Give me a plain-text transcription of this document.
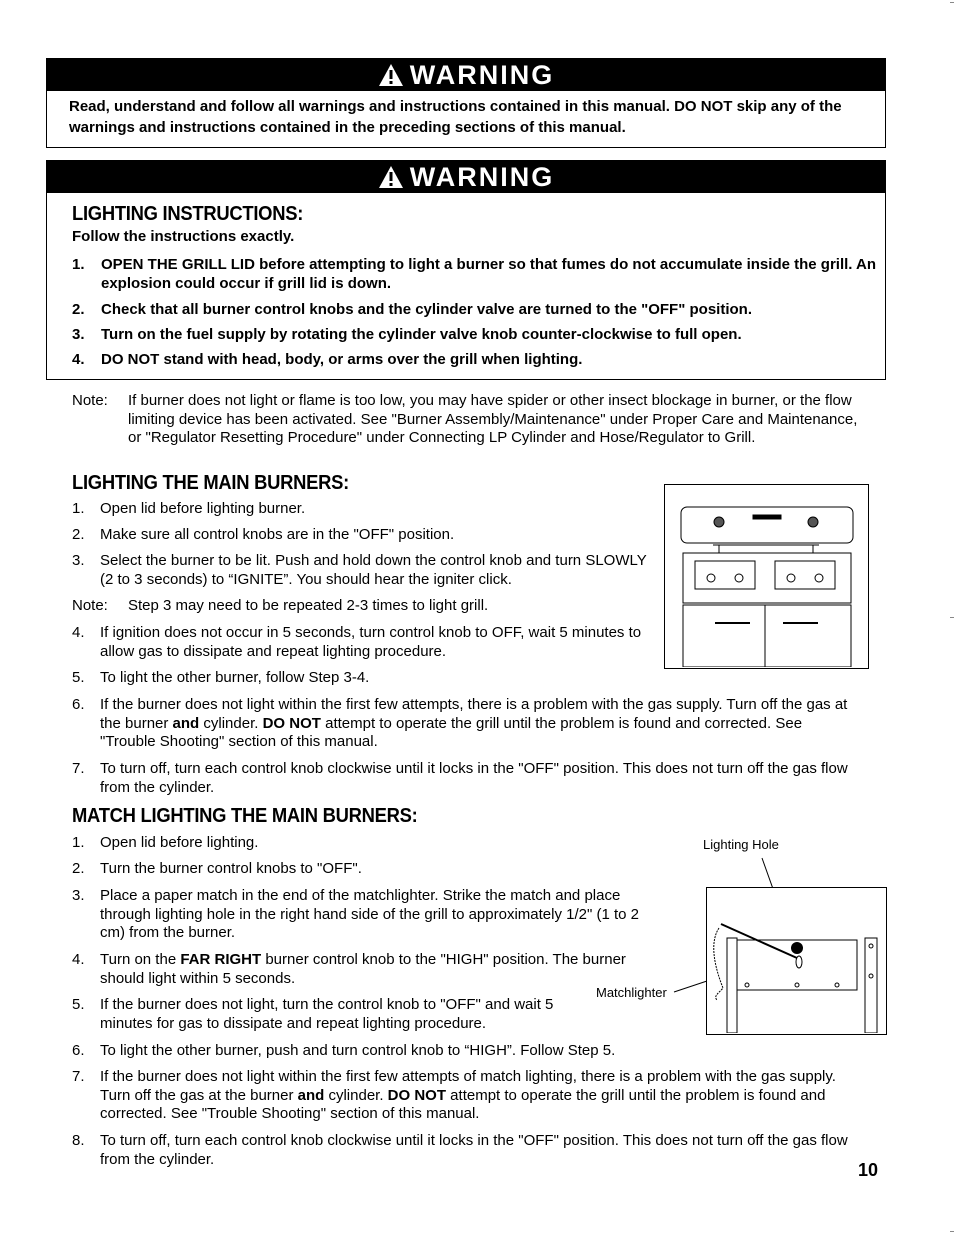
WARNING
Read, understand and follow all warnings and instructions contained in this manual. DO NOT skip any of the warnings and instructions contained in the preceding sections of this manual.
WARNING
LIGHTING INSTRUCTIONS:
Follow the instructions exactly.
1. OPEN THE GRILL LID before attempting to light a burner so that fumes do not accumulate inside the grill. An explosion could occur if grill lid is down.
2. Check that all burner control knobs and the cylinder valve are turned to the "OFF" position.
3. Turn on the fuel supply by rotating the cylinder valve knob counter-clockwise to full open.
4. DO NOT stand with head, body, or arms over the grill when lighting.
Note: If burner does not light or flame is too low, you may have spider or other insect blockage in burner, or the flow limiting device has been activated. See "Burner Assembly/Maintenance" under Proper Care and Maintenance, or "Regulator Resetting Procedure" under Connecting LP Cylinder and Hose/Regulator to Grill.
LIGHTING THE MAIN BURNERS:
1. Open lid before lighting burner.
2. Make sure all control knobs are in the "OFF" position.
3. Select the burner to be lit. Push and hold down the control knob and turn SLOWLY (2 to 3 seconds) to “IGNITE”. You should hear the igniter click.
Note: Step 3 may need to be repeated 2-3 times to light grill.
4. If ignition does not occur in 5 seconds, turn control knob to OFF, wait 5 minutes to allow gas to dissipate and repeat lighting procedure.
5. To light the other burner, follow Step 3-4.
6. If the burner does not light within the first few attempts, there is a problem with the gas supply. Turn off the gas at the burner and cylinder. DO NOT attempt to operate the grill until the problem is found and corrected. See "Trouble Shooting" section of this manual.
7. To turn off, turn each control knob clockwise until it locks in the "OFF" position. This does not turn off the gas flow from the cylinder.
MATCH LIGHTING THE MAIN BURNERS:
1. Open lid before lighting.
2. Turn the burner control knobs to "OFF".
3. Place a paper match in the end of the matchlighter. Strike the match and place through lighting hole in the right hand side of the grill to approximately 1/2" (1 to 2 cm) from the burner.
4. Turn on the FAR RIGHT burner control knob to the "HIGH" position. The burner should light within 5 seconds.
5. If the burner does not light, turn the control knob to "OFF" and wait 5 minutes for gas to dissipate and repeat lighting procedure.
6. To light the other burner, push and turn control knob to “HIGH”. Follow Step 5.
7. If the burner does not light within the first few attempts of match lighting, there is a problem with the gas supply. Turn off the gas at the burner and cylinder. DO NOT attempt to operate the grill until the problem is found and corrected. See "Trouble Shooting" section of this manual.
8. To turn off, turn each control knob clockwise until it locks in the "OFF" position. This does not turn off the gas flow from the cylinder.
Lighting Hole
Matchlighter
10
